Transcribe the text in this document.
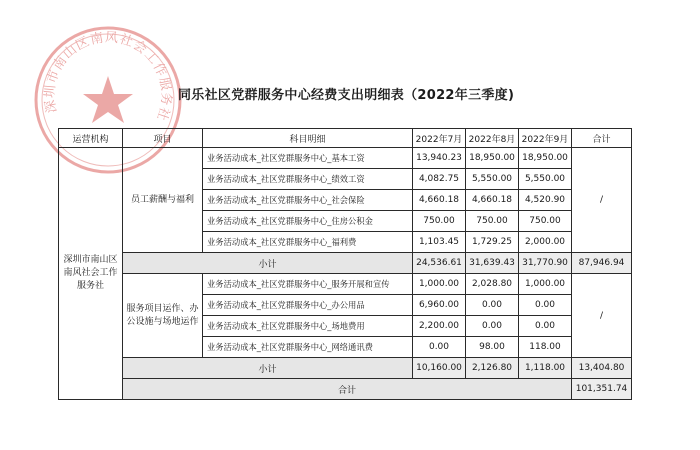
深圳市南山区南风社会工作服务社
同乐社区党群服务中心经费支出明细表（2022年三季度)
运营机构	项目	科目明细	2022年7月	2022年8月	2022年9月	合计
深圳市南山区南风社会工作服务社	员工薪酬与福利	业务活动成本_社区党群服务中心_基本工资	13,940.23	18,950.00	18,950.00	/
		业务活动成本_社区党群服务中心_绩效工资	4,082.75	5,550.00	5,550.00	
		业务活动成本_社区党群服务中心_社会保险	4,660.18	4,660.18	4,520.90	
		业务活动成本_社区党群服务中心_住房公积金	750.00	750.00	750.00	
		业务活动成本_社区党群服务中心_福利费	1,103.45	1,729.25	2,000.00	
	小计		24,536.61	31,639.43	31,770.90	87,946.94
	服务项目运作、办公设施与场地运作	业务活动成本_社区党群服务中心_服务开展和宣传	1,000.00	2,028.80	1,000.00	/
		业务活动成本_社区党群服务中心_办公用品	6,960.00	0.00	0.00	
		业务活动成本_社区党群服务中心_场地费用	2,200.00	0.00	0.00	
		业务活动成本_社区党群服务中心_网络通讯费	0.00	98.00	118.00	
	小计		10,160.00	2,126.80	1,118.00	13,404.80
	合计					101,351.74
